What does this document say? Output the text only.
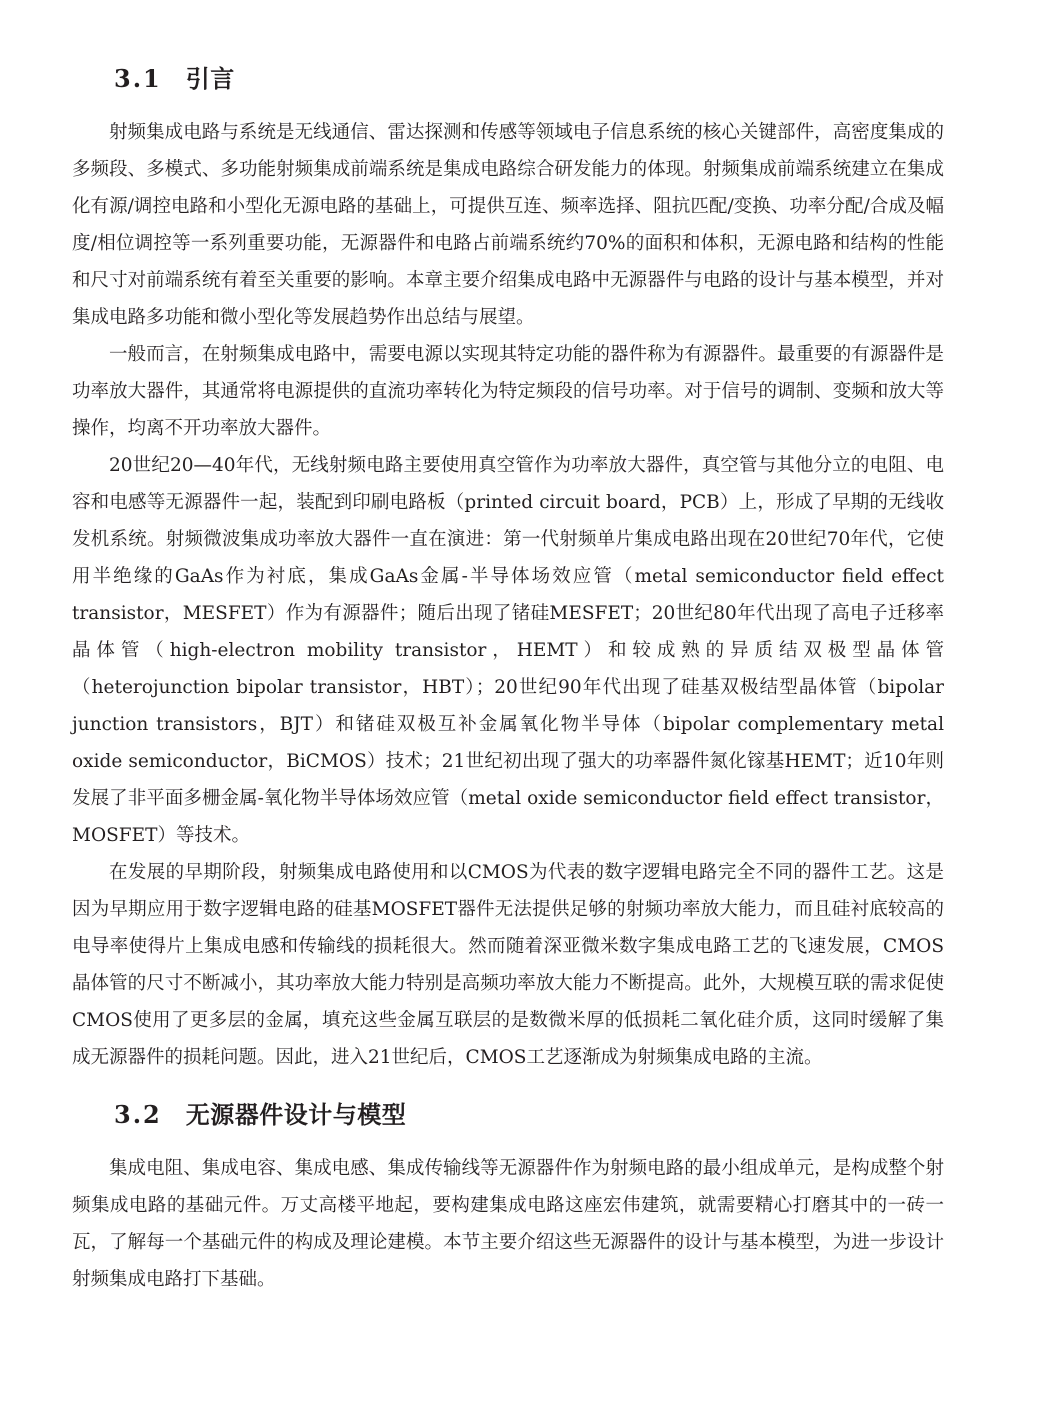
3.1 引言

射频集成电路与系统是无线通信、雷达探测和传感等领域电子信息系统的核心关键部件，高密度集成的多频段、多模式、多功能射频集成前端系统是集成电路综合研发能力的体现。射频集成前端系统建立在集成化有源/调控电路和小型化无源电路的基础上，可提供互连、频率选择、阻抗匹配/变换、功率分配/合成及幅度/相位调控等一系列重要功能，无源器件和电路占前端系统约70%的面积和体积，无源电路和结构的性能和尺寸对前端系统有着至关重要的影响。本章主要介绍集成电路中无源器件与电路的设计与基本模型，并对集成电路多功能和微小型化等发展趋势作出总结与展望。

一般而言，在射频集成电路中，需要电源以实现其特定功能的器件称为有源器件。最重要的有源器件是功率放大器件，其通常将电源提供的直流功率转化为特定频段的信号功率。对于信号的调制、变频和放大等操作，均离不开功率放大器件。

20世纪20—40年代，无线射频电路主要使用真空管作为功率放大器件，真空管与其他分立的电阻、电容和电感等无源器件一起，装配到印刷电路板（printed circuit board，PCB）上，形成了早期的无线收发机系统。射频微波集成功率放大器件一直在演进：第一代射频单片集成电路出现在20世纪70年代，它使用半绝缘的GaAs作为衬底，集成GaAs金属-半导体场效应管（metal semiconductor field effect transistor，MESFET）作为有源器件；随后出现了锗硅MESFET；20世纪80年代出现了高电子迁移率晶体管（high-electron mobility transistor，HEMT）和较成熟的异质结双极型晶体管（heterojunction bipolar transistor，HBT）；20世纪90年代出现了硅基双极结型晶体管（bipolar junction transistors，BJT）和锗硅双极互补金属氧化物半导体（bipolar complementary metal oxide semiconductor，BiCMOS）技术；21世纪初出现了强大的功率器件氮化镓基HEMT；近10年则发展了非平面多栅金属-氧化物半导体场效应管（metal oxide semiconductor field effect transistor，MOSFET）等技术。

在发展的早期阶段，射频集成电路使用和以CMOS为代表的数字逻辑电路完全不同的器件工艺。这是因为早期应用于数字逻辑电路的硅基MOSFET器件无法提供足够的射频功率放大能力，而且硅衬底较高的电导率使得片上集成电感和传输线的损耗很大。然而随着深亚微米数字集成电路工艺的飞速发展，CMOS晶体管的尺寸不断减小，其功率放大能力特别是高频功率放大能力不断提高。此外，大规模互联的需求促使CMOS使用了更多层的金属，填充这些金属互联层的是数微米厚的低损耗二氧化硅介质，这同时缓解了集成无源器件的损耗问题。因此，进入21世纪后，CMOS工艺逐渐成为射频集成电路的主流。

3.2 无源器件设计与模型

集成电阻、集成电容、集成电感、集成传输线等无源器件作为射频电路的最小组成单元，是构成整个射频集成电路的基础元件。万丈高楼平地起，要构建集成电路这座宏伟建筑，就需要精心打磨其中的一砖一瓦，了解每一个基础元件的构成及理论建模。本节主要介绍这些无源器件的设计与基本模型，为进一步设计射频集成电路打下基础。
